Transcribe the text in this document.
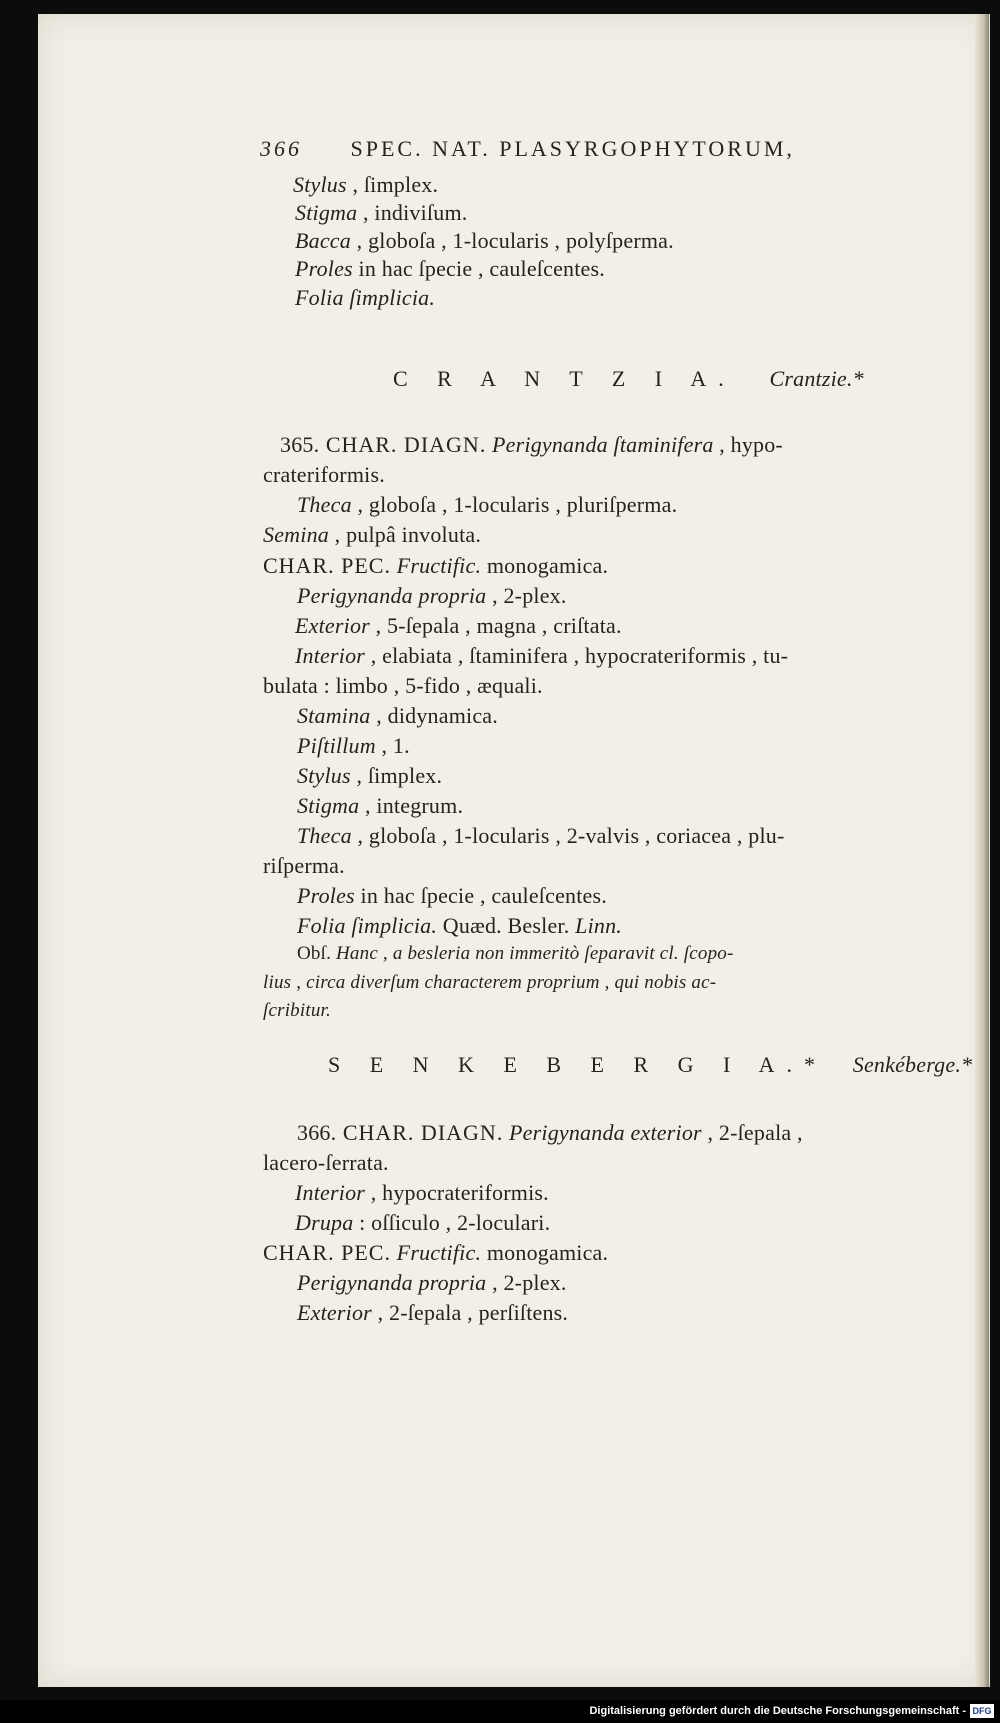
366 SPEC. NAT. PLASYRGOPHYTORUM,

Stylus , ſimplex.

Stigma , indiviſum.

Bacca , globoſa , 1-locularis , polyſperma.

Proles in hac ſpecie , cauleſcentes.

Folia ſimplicia.

C R A N T Z I A. Crantzie.*

365. CHAR. DIAGN. Perigynanda ſtaminifera , hypo-

crateriformis.

Theca , globoſa , 1-locularis , pluriſperma.

Semina , pulpâ involuta.

CHAR. PEC. Fructific. monogamica.

Perigynanda propria , 2-plex.

Exterior , 5-ſepala , magna , criſtata.

Interior , elabiata , ſtaminifera , hypocrateriformis , tu-

bulata : limbo , 5-fido , æquali.

Stamina , didynamica.

Piſtillum , 1.

Stylus , ſimplex.

Stigma , integrum.

Theca , globoſa , 1-locularis , 2-valvis , coriacea , plu-

riſperma.

Proles in hac ſpecie , cauleſcentes.

Folia ſimplicia. Quæd. Besler. Linn.

Obſ. Hanc , a besleria non immeritò ſeparavit cl. ſcopo-

lius , circa diverſum characterem proprium , qui nobis ac-

ſcribitur.

S E N K E B E R G I A.* Senkéberge.*

366. CHAR. DIAGN. Perigynanda exterior , 2-ſepala ,

lacero-ſerrata.

Interior , hypocrateriformis.

Drupa : oſſiculo , 2-loculari.

CHAR. PEC. Fructific. monogamica.

Perigynanda propria , 2-plex.

Exterior , 2-ſepala , perſiſtens.

Digitalisierung gefördert durch die Deutsche Forschungsgemeinschaft - DFG
